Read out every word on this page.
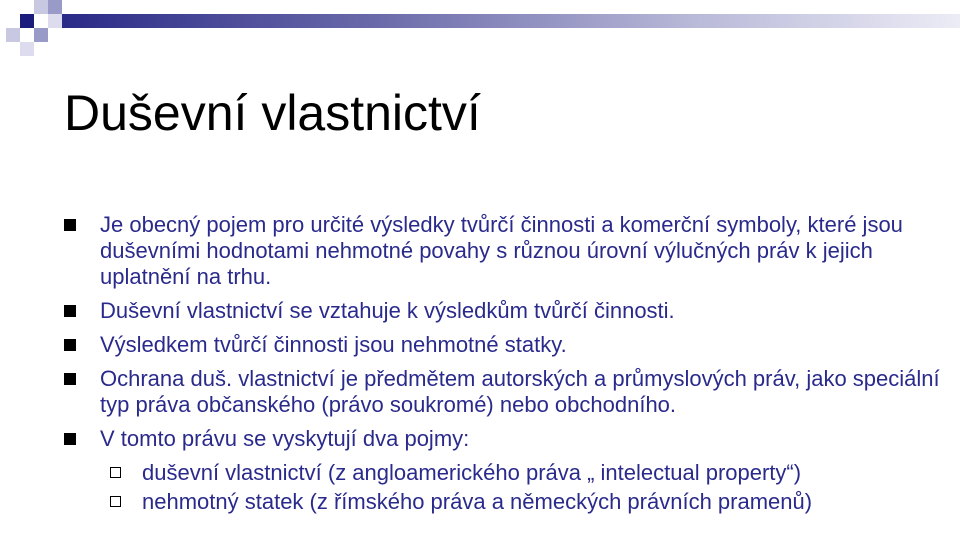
Duševní vlastnictví
Je obecný pojem pro určité výsledky tvůrčí činnosti a komerční symboly, které jsou duševními hodnotami nehmotné povahy s různou úrovní výlučných práv k jejich uplatnění na trhu.
Duševní vlastnictví se vztahuje k výsledkům tvůrčí činnosti.
Výsledkem tvůrčí činnosti jsou nehmotné statky.
Ochrana duš. vlastnictví je předmětem autorských a průmyslových práv, jako speciální typ práva občanského (právo soukromé) nebo obchodního.
V tomto právu se vyskytují dva pojmy:
duševní vlastnictví (z angloamerického práva „ intelectual property“)
nehmotný statek (z římského práva a německých právních pramenů)
